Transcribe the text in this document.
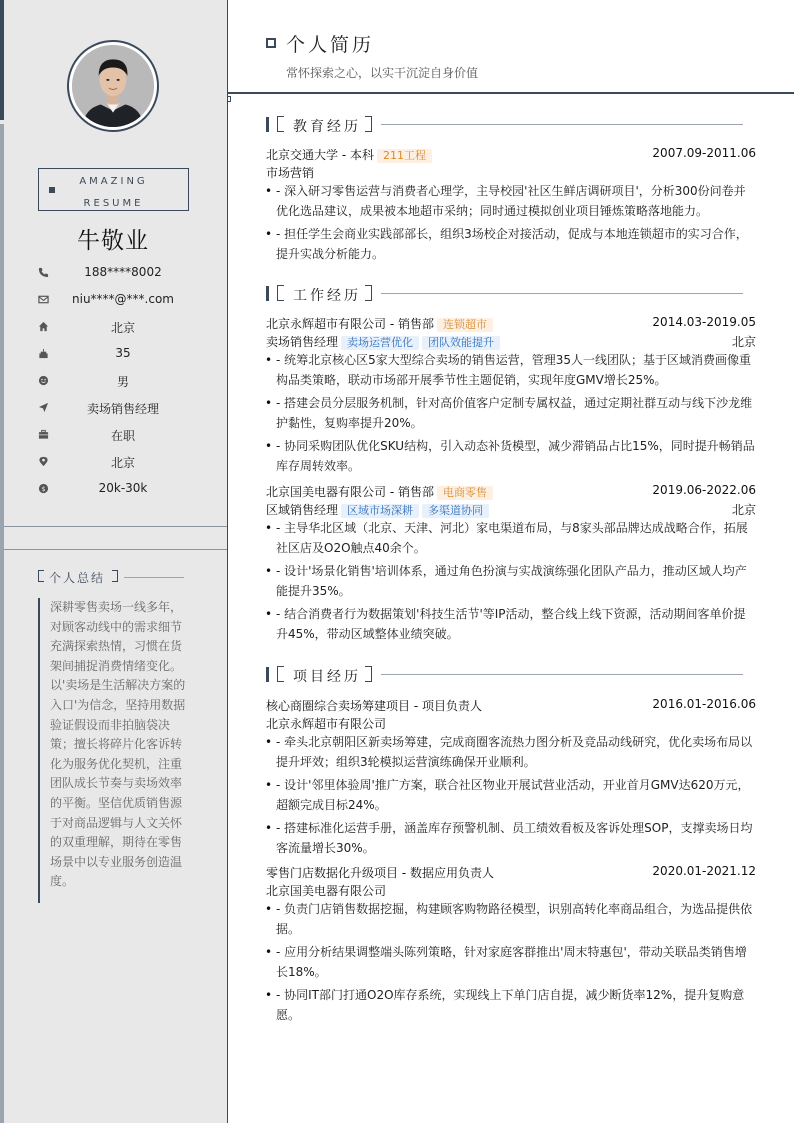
AMAZING
RESUME
牛敬业
188****8002
niu****@***.com
北京
35
男
卖场销售经理
在职
北京
$	20k-30k
个人总结
深耕零售卖场一线多年，对顾客动线中的需求细节充满探索热情，习惯在货架间捕捉消费情绪变化。以'卖场是生活解决方案的入口'为信念，坚持用数据验证假设而非拍脑袋决策；擅长将碎片化客诉转化为服务优化契机，注重团队成长节奏与卖场效率的平衡。坚信优质销售源于对商品逻辑与人文关怀的双重理解，期待在零售场景中以专业服务创造温度。
个人简历
常怀探索之心，以实干沉淀自身价值
教育经历
北京交通大学 - 本科 211工程	2007.09-2011.06
市场营销
• - 深入研习零售运营与消费者心理学，主导校园'社区生鲜店调研项目'，分析300份问卷并优化选品建议，成果被本地超市采纳；同时通过模拟创业项目锤炼策略落地能力。
• - 担任学生会商业实践部部长，组织3场校企对接活动，促成与本地连锁超市的实习合作，提升实战分析能力。
工作经历
北京永辉超市有限公司 - 销售部 连锁超市	2014.03-2019.05
卖场销售经理 卖场运营优化 团队效能提升	北京
• - 统筹北京核心区5家大型综合卖场的销售运营，管理35人一线团队；基于区域消费画像重构品类策略，联动市场部开展季节性主题促销，实现年度GMV增长25%。
• - 搭建会员分层服务机制，针对高价值客户定制专属权益，通过定期社群互动与线下沙龙维护黏性，复购率提升20%。
• - 协同采购团队优化SKU结构，引入动态补货模型，减少滞销品占比15%，同时提升畅销品库存周转效率。
北京国美电器有限公司 - 销售部 电商零售	2019.06-2022.06
区域销售经理 区域市场深耕 多渠道协同	北京
• - 主导华北区域（北京、天津、河北）家电渠道布局，与8家头部品牌达成战略合作，拓展社区店及O2O触点40余个。
• - 设计'场景化销售'培训体系，通过角色扮演与实战演练强化团队产品力，推动区域人均产能提升35%。
• - 结合消费者行为数据策划'科技生活节'等IP活动，整合线上线下资源，活动期间客单价提升45%，带动区域整体业绩突破。
项目经历
核心商圈综合卖场筹建项目 - 项目负责人	2016.01-2016.06
北京永辉超市有限公司
• - 牵头北京朝阳区新卖场筹建，完成商圈客流热力图分析及竞品动线研究，优化卖场布局以提升坪效；组织3轮模拟运营演练确保开业顺利。
• - 设计'邻里体验周'推广方案，联合社区物业开展试营业活动，开业首月GMV达620万元，超额完成目标24%。
• - 搭建标准化运营手册，涵盖库存预警机制、员工绩效看板及客诉处理SOP，支撑卖场日均客流量增长30%。
零售门店数据化升级项目 - 数据应用负责人	2020.01-2021.12
北京国美电器有限公司
• - 负责门店销售数据挖掘，构建顾客购物路径模型，识别高转化率商品组合，为选品提供依据。
• - 应用分析结果调整端头陈列策略，针对家庭客群推出'周末特惠包'，带动关联品类销售增长18%。
• - 协同IT部门打通O2O库存系统，实现线上下单门店自提，减少断货率12%，提升复购意愿。
